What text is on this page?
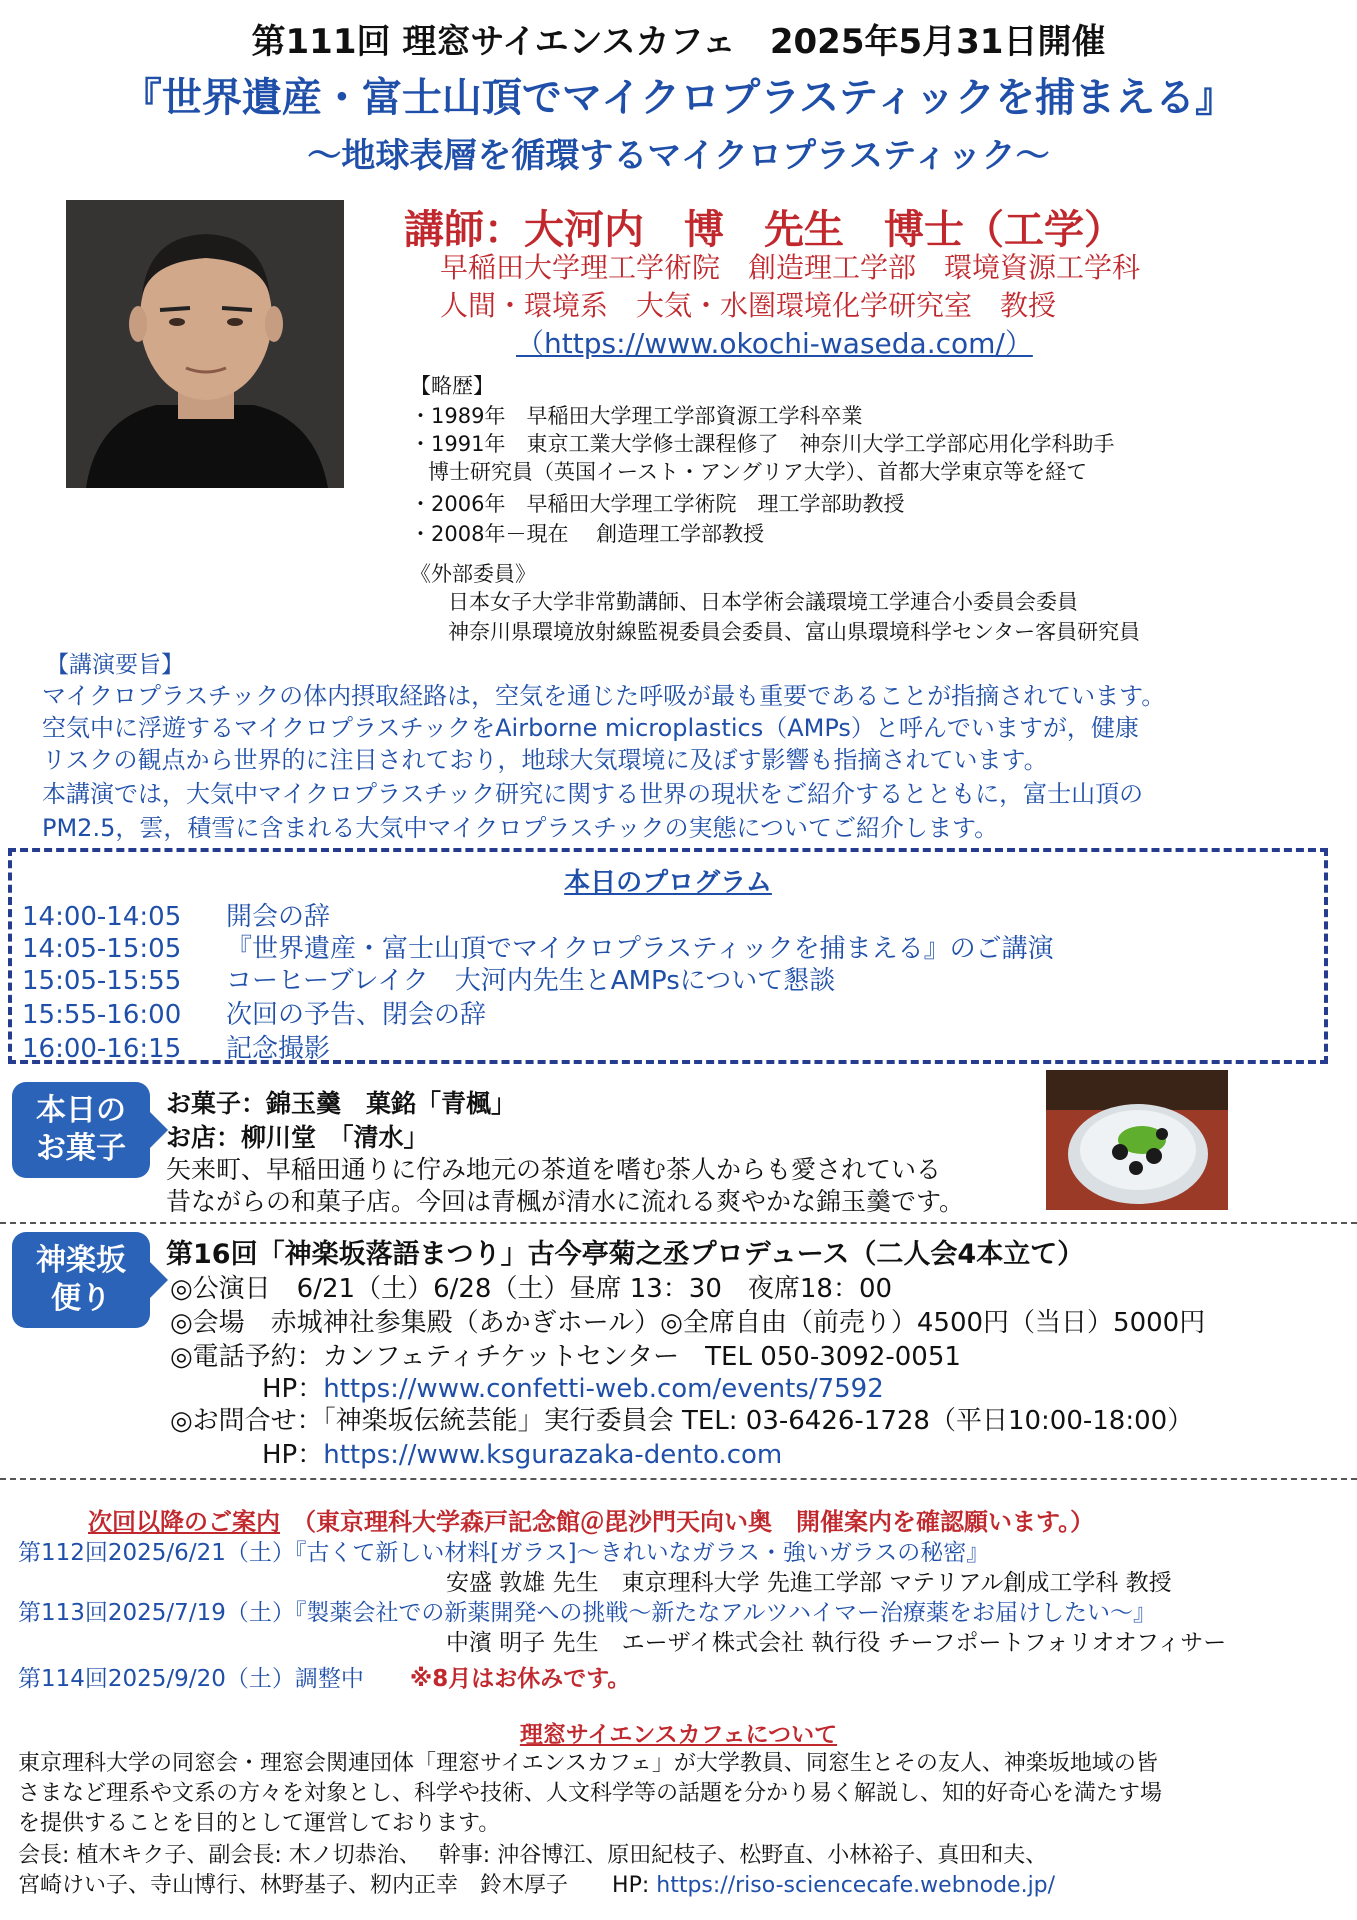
第111回 理窓サイエンスカフェ　2025年5月31日開催
『世界遺産・富士山頂でマイクロプラスティックを捕まえる』
～地球表層を循環するマイクロプラスティック～
講師：大河内　博　先生　博士（工学）
早稲田大学理工学術院　創造理工学部　環境資源工学科
人間・環境系　大気・水圏環境化学研究室　教授
（https://www.okochi-waseda.com/）
【略歴】
・1989年　早稲田大学理工学部資源工学科卒業
・1991年　東京工業大学修士課程修了　神奈川大学工学部応用化学科助手
博士研究員（英国イースト・アングリア大学）、首都大学東京等を経て
・2006年　早稲田大学理工学術院　理工学部助教授
・2008年－現在　 創造理工学部教授
《外部委員》
日本女子大学非常勤講師、日本学術会議環境工学連合小委員会委員
神奈川県環境放射線監視委員会委員、富山県環境科学センター客員研究員
【講演要旨】
マイクロプラスチックの体内摂取経路は，空気を通じた呼吸が最も重要であることが指摘されています。
空気中に浮遊するマイクロプラスチックをAirborne microplastics（AMPs）と呼んでいますが，健康
リスクの観点から世界的に注目されており，地球大気環境に及ぼす影響も指摘されています。
本講演では，大気中マイクロプラスチック研究に関する世界の現状をご紹介するとともに，富士山頂の
PM2.5，雲，積雪に含まれる大気中マイクロプラスチックの実態についてご紹介します。
本日のプログラム
14:00-14:05 開会の辞
14:05-15:05 『世界遺産・富士山頂でマイクロプラスティックを捕まえる』のご講演
15:05-15:55 コーヒーブレイク　大河内先生とAMPsについて懇談
15:55-16:00 次回の予告、閉会の辞
16:00-16:15 記念撮影
本日の
お菓子
お菓子：錦玉羹　菓銘「青楓」
お店：柳川堂　「清水」
矢来町、早稲田通りに佇み地元の茶道を嗜む茶人からも愛されている
昔ながらの和菓子店。今回は青楓が清水に流れる爽やかな錦玉羹です。
神楽坂
便り
第16回「神楽坂落語まつり」古今亭菊之丞プロデュース（二人会4本立て）
◎公演日　6/21（土）6/28（土）昼席 13：30　夜席18：00
◎会場　赤城神社参集殿（あかぎホール）◎全席自由（前売り）4500円（当日）5000円
◎電話予約：カンフェティチケットセンター　TEL 050-3092-0051
HP：https://www.confetti-web.com/events/7592
◎お問合せ：「神楽坂伝統芸能」実行委員会 TEL: 03-6426-1728（平日10:00-18:00）
HP：https://www.ksgurazaka-dento.com
次回以降のご案内　 （東京理科大学森戸記念館＠毘沙門天向い奥　開催案内を確認願います。）
第112回2025/6/21（土）『古くて新しい材料[ガラス]～きれいなガラス・強いガラスの秘密』
安盛 敦雄 先生　東京理科大学 先進工学部 マテリアル創成工学科 教授
第113回2025/7/19（土）『製薬会社での新薬開発への挑戦～新たなアルツハイマー治療薬をお届けしたい～』
中濱 明子 先生　エーザイ株式会社 執行役 チーフポートフォリオオフィサー
第114回2025/9/20（土）調整中　　 ※8月はお休みです。
理窓サイエンスカフェについて
東京理科大学の同窓会・理窓会関連団体「理窓サイエンスカフェ」が大学教員、同窓生とその友人、神楽坂地域の皆
さまなど理系や文系の方々を対象とし、科学や技術、人文科学等の話題を分かり易く解説し、知的好奇心を満たす場
を提供することを目的として運営しております。
会長: 植木キク子、副会長: 木ノ切恭治、　 幹事: 沖谷博江、原田紀枝子、松野直、小林裕子、真田和夫、
宮崎けい子、寺山博行、林野基子、籾内正幸　鈴木厚子　　 HP: https://riso-sciencecafe.webnode.jp/
